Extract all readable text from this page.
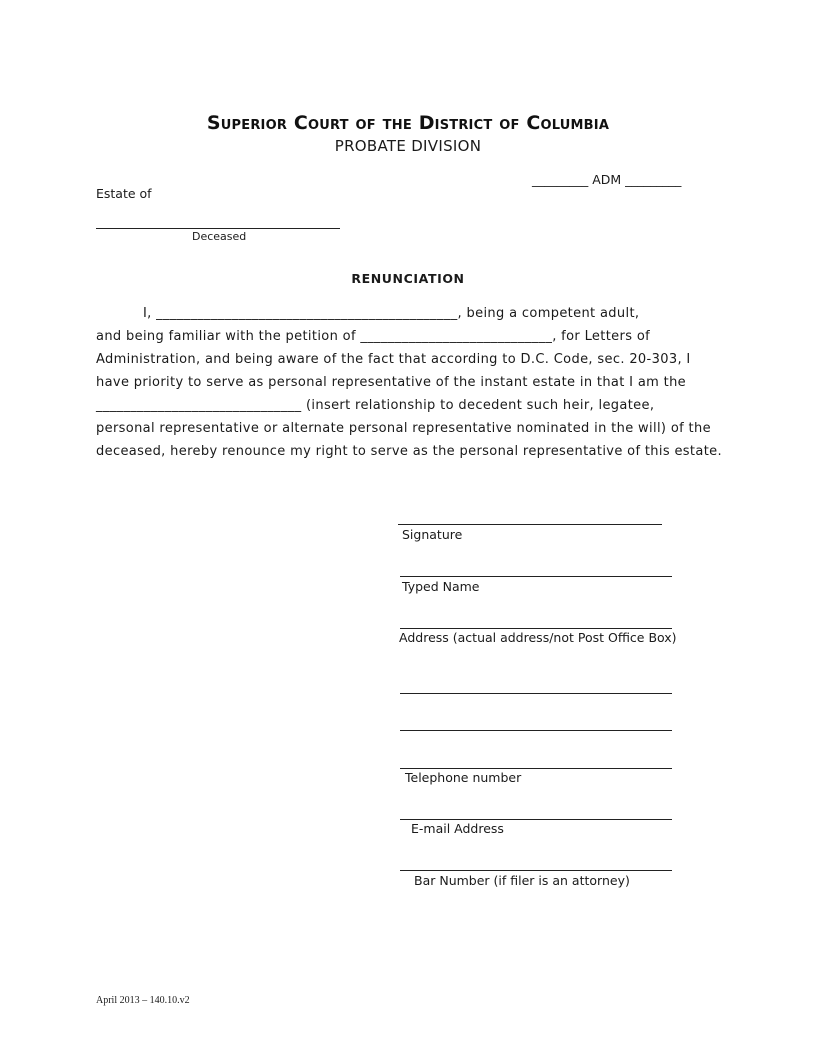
Superior Court of the District of Columbia
PROBATE DIVISION
_________ ADM _________
Estate of
Deceased
RENUNCIATION
I, ____________________________________________, being a competent adult,
and being familiar with the petition of ____________________________, for Letters of
Administration, and being aware of the fact that according to D.C. Code, sec. 20-303, I
have priority to serve as personal representative of the instant estate in that I am the
______________________________ (insert relationship to decedent such heir, legatee,
personal representative or alternate personal representative nominated in the will) of the
deceased, hereby renounce my right to serve as the personal representative of this estate.
Signature
Typed Name
Address (actual address/not Post Office Box)
Telephone number
E-mail Address
Bar Number (if filer is an attorney)
April 2013 – 140.10.v2
